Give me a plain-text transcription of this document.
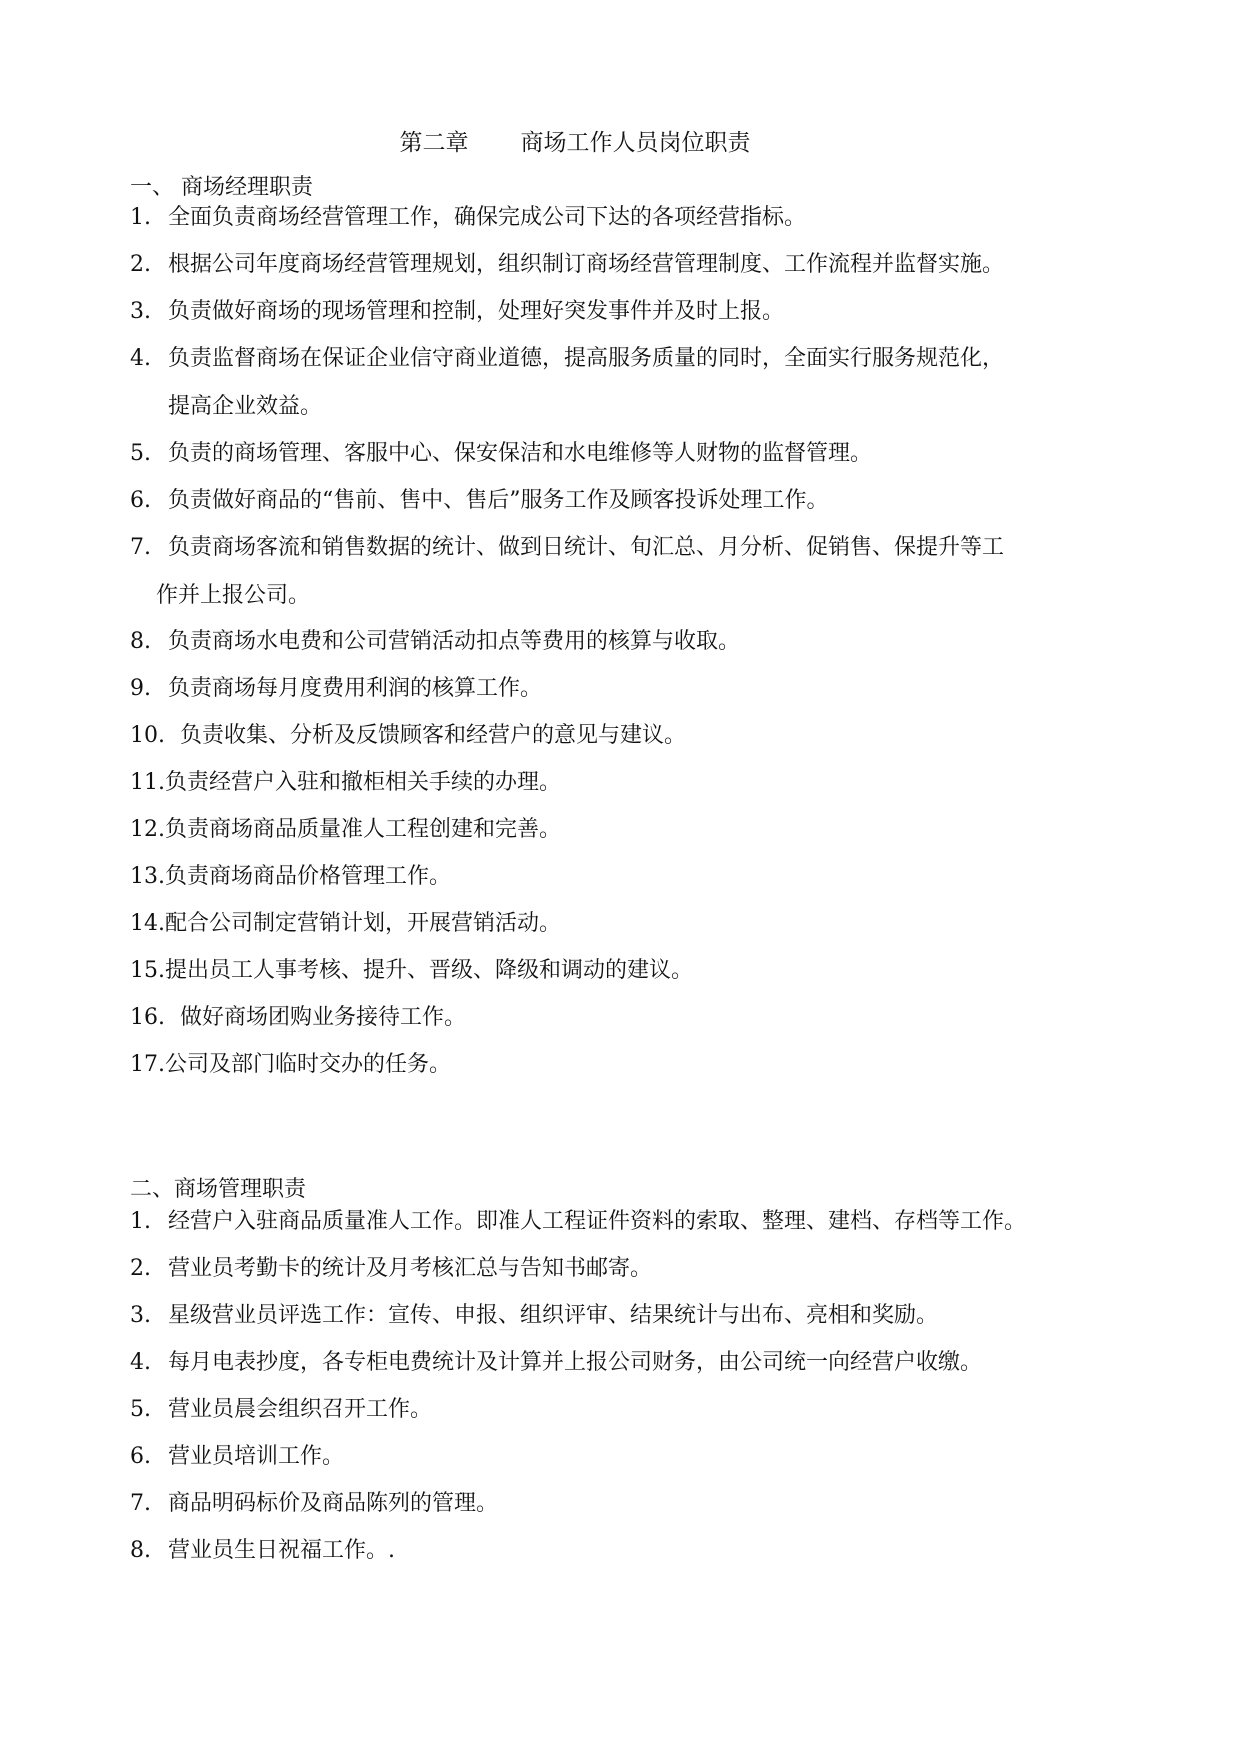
第二章 商场工作人员岗位职责
一、 商场经理职责
1. 全面负责商场经营管理工作，确保完成公司下达的各项经营指标。
2. 根据公司年度商场经营管理规划，组织制订商场经营管理制度、工作流程并监督实施。
3. 负责做好商场的现场管理和控制，处理好突发事件并及时上报。
4. 负责监督商场在保证企业信守商业道德，提高服务质量的同时，全面实行服务规范化，
提高企业效益。
5. 负责的商场管理、客服中心、保安保洁和水电维修等人财物的监督管理。
6. 负责做好商品的“售前、售中、售后”服务工作及顾客投诉处理工作。
7. 负责商场客流和销售数据的统计、做到日统计、旬汇总、月分析、促销售、保提升等工
作并上报公司。
8. 负责商场水电费和公司营销活动扣点等费用的核算与收取。
9. 负责商场每月度费用利润的核算工作。
10. 负责收集、分析及反馈顾客和经营户的意见与建议。
11.负责经营户入驻和撤柜相关手续的办理。
12.负责商场商品质量准人工程创建和完善。
13.负责商场商品价格管理工作。
14.配合公司制定营销计划，开展营销活动。
15.提出员工人事考核、提升、晋级、降级和调动的建议。
16. 做好商场团购业务接待工作。
17.公司及部门临时交办的任务。
二、商场管理职责
1. 经营户入驻商品质量准人工作。即准人工程证件资料的索取、整理、建档、存档等工作。
2. 营业员考勤卡的统计及月考核汇总与告知书邮寄。
3. 星级营业员评选工作：宣传、申报、组织评审、结果统计与出布、亮相和奖励。
4. 每月电表抄度，各专柜电费统计及计算并上报公司财务，由公司统一向经营户收缴。
5. 营业员晨会组织召开工作。
6. 营业员培训工作。
7. 商品明码标价及商品陈列的管理。
8. 营业员生日祝福工作。.
